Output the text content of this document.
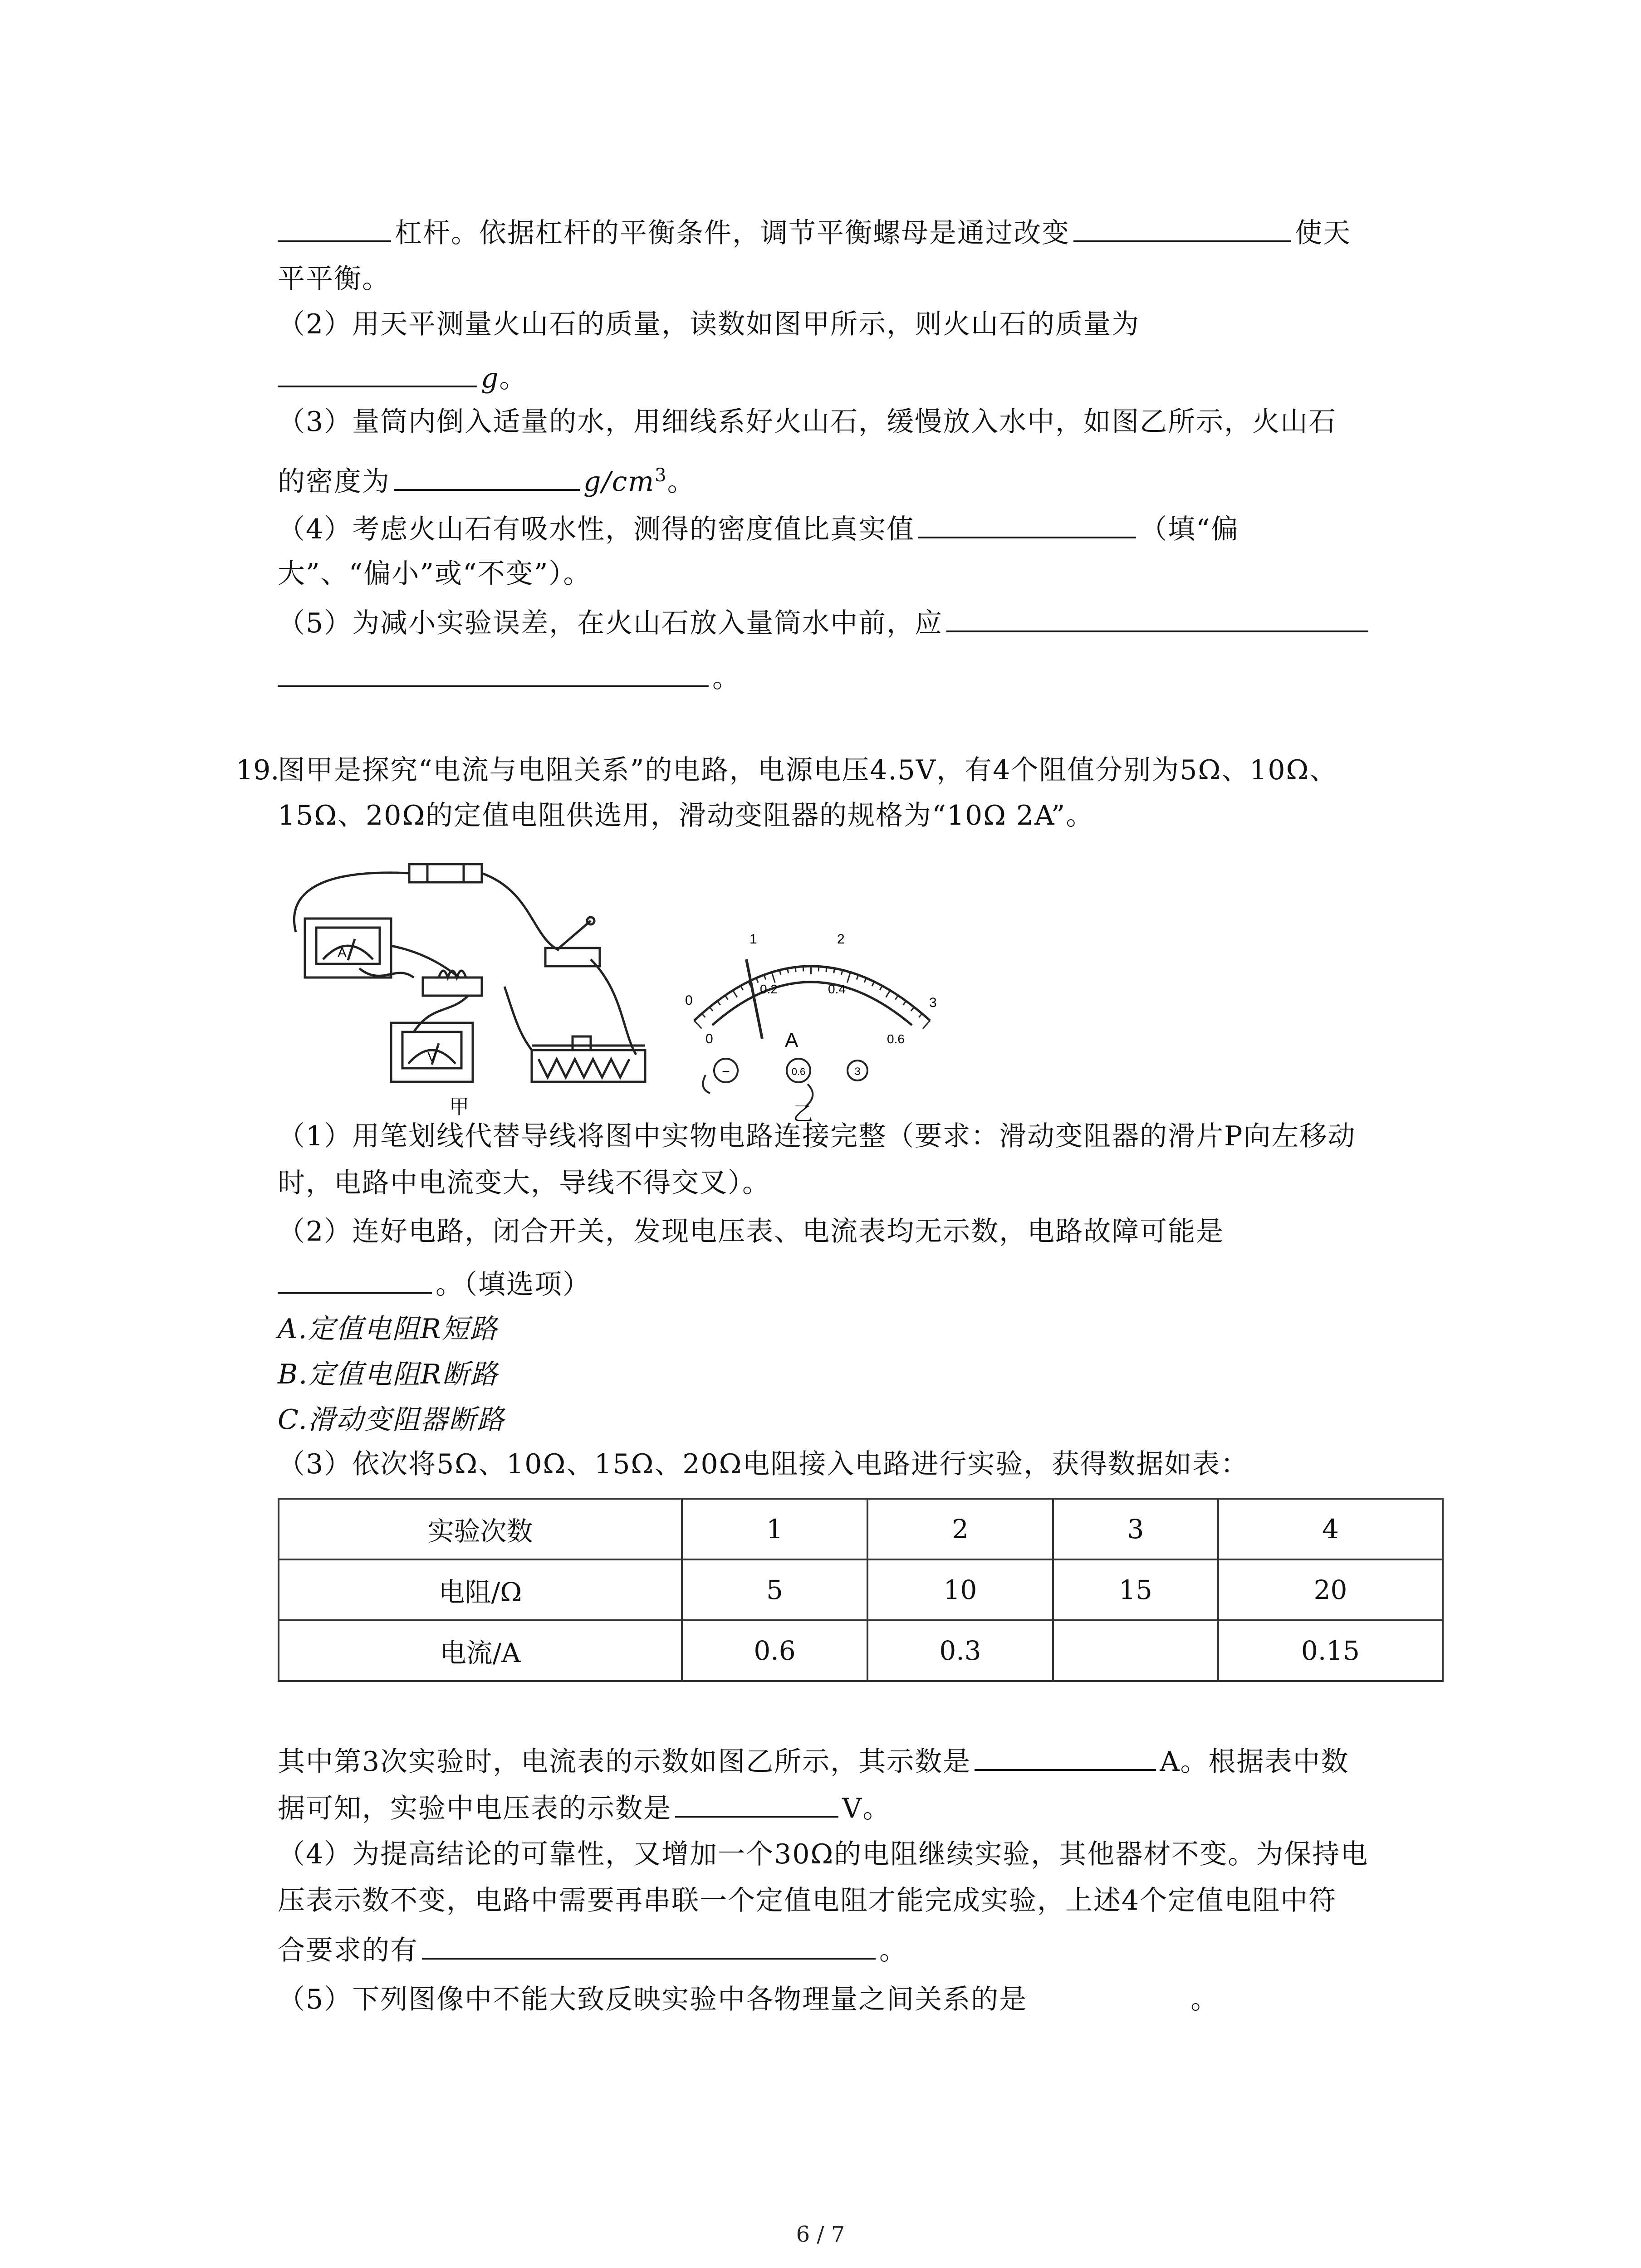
杠杆。依据杠杆的平衡条件，调节平衡螺母是通过改变	使天
平平衡。
（2）用天平测量火山石的质量，读数如图甲所示，则火山石的质量为
g。
（3）量筒内倒入适量的水，用细线系好火山石，缓慢放入水中，如图乙所示，火山石
的密度为	$g/cm^3$。
（4）考虑火山石有吸水性，测得的密度值比真实值	（填“偏
大”、“偏小”或“不变”）。
（5）为减小实验误差，在火山石放入量筒水中前，应
。
19.
图甲是探究“电流与电阻关系”的电路，电源电压4.5V，有4个阻值分别为5Ω、10Ω、
15Ω、20Ω的定值电阻供选用，滑动变阻器的规格为“10Ω 2A”。
A
V
甲
0
1	2
3
0
0.2	0.4
0.6
A
−	0.6	3
乙
（1）用笔划线代替导线将图中实物电路连接完整（要求：滑动变阻器的滑片P向左移动
时，电路中电流变大，导线不得交叉）。
（2）连好电路，闭合开关，发现电压表、电流表均无示数，电路故障可能是
。（填选项）
A.定值电阻R短路
B.定值电阻R断路
C.滑动变阻器断路
（3）依次将5Ω、10Ω、15Ω、20Ω电阻接入电路进行实验，获得数据如表：
实验次数	1	2	3	4
电阻/Ω	5	10	15	20
电流/A	0.6	0.3		0.15
其中第3次实验时，电流表的示数如图乙所示，其示数是	A。根据表中数
据可知，实验中电压表的示数是	V。
（4）为提高结论的可靠性，又增加一个30Ω的电阻继续实验，其他器材不变。为保持电
压表示数不变，电路中需要再串联一个定值电阻才能完成实验，上述4个定值电阻中符
合要求的有	。
（5）下列图像中不能大致反映实验中各物理量之间关系的是	。
6 / 7
